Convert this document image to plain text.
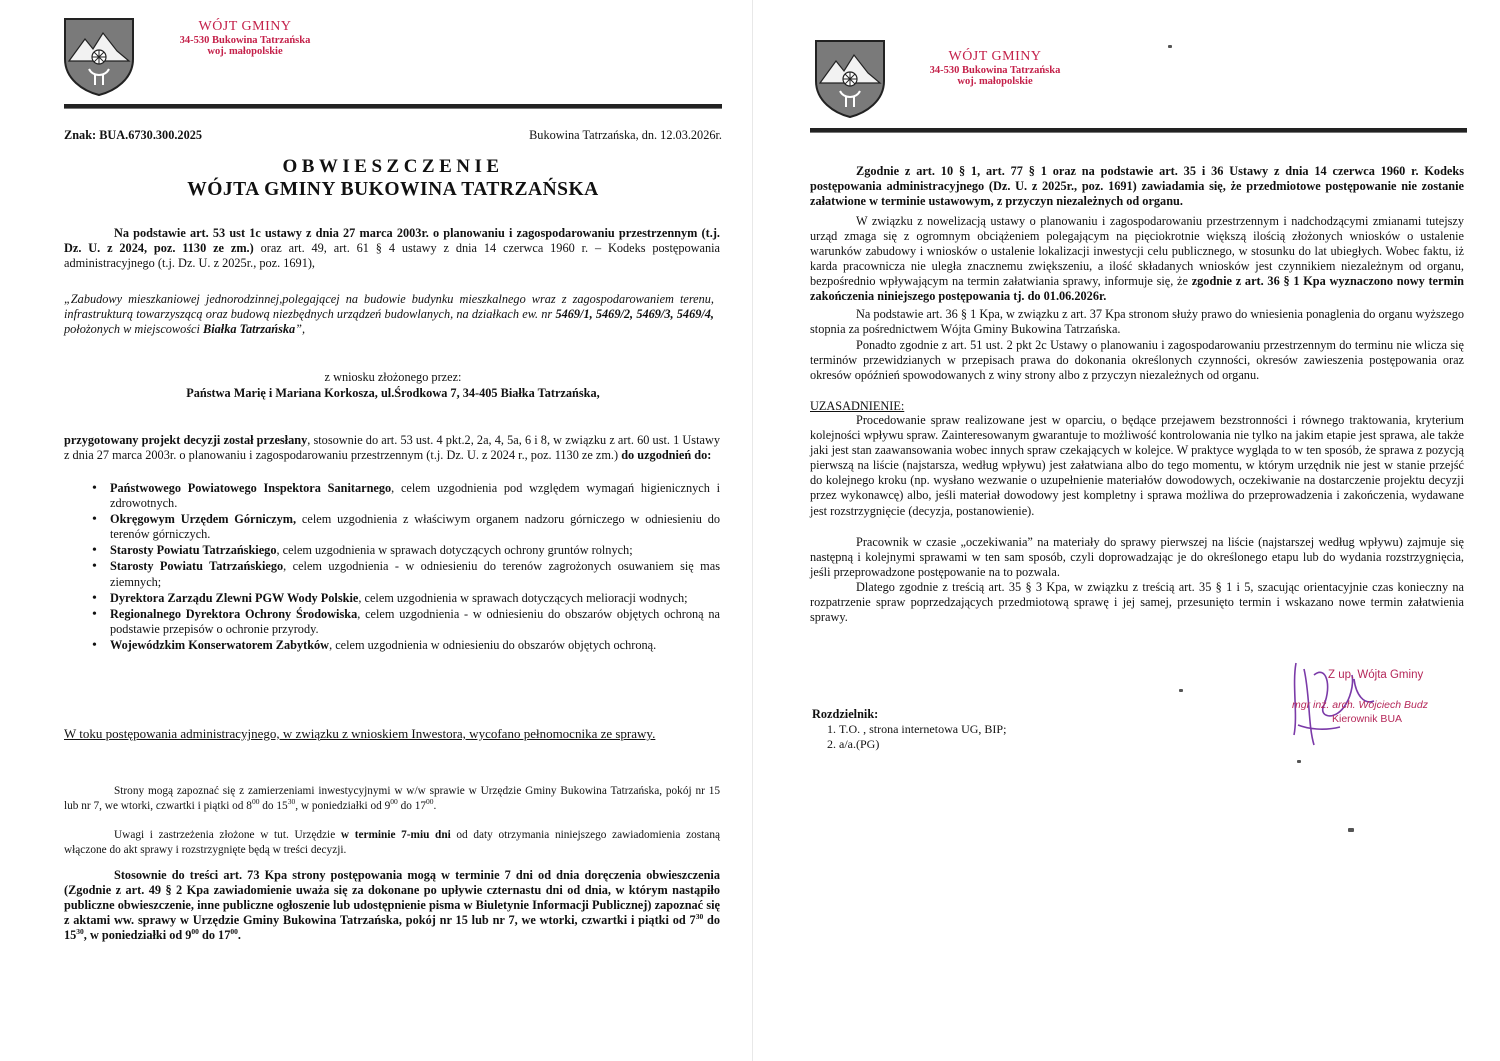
WÓJT GMINY
34-530 Bukowina Tatrzańska
woj. małopolskie
Znak: BUA.6730.300.2025	Bukowina Tatrzańska, dn. 12.03.2026r.
OBWIESZCZENIE
WÓJTA GMINY BUKOWINA TATRZAŃSKA
Na podstawie art. 53 ust 1c ustawy z dnia 27 marca 2003r. o planowaniu i zagospodarowaniu przestrzennym (t.j. Dz. U. z 2024, poz. 1130 ze zm.) oraz art. 49, art. 61 § 4 ustawy z dnia 14 czerwca 1960 r. – Kodeks postępowania administracyjnego (t.j. Dz. U. z 2025r., poz. 1691),
„Zabudowy mieszkaniowej jednorodzinnej,polegającej na budowie budynku mieszkalnego wraz z zagospodarowaniem terenu, infrastrukturą towarzyszącą oraz budową niezbędnych urządzeń budowlanych, na działkach ew. nr 5469/1, 5469/2, 5469/3, 5469/4, położonych w miejscowości Białka Tatrzańska”,
z wniosku złożonego przez:
Państwa Marię i Mariana Korkosza, ul.Środkowa 7, 34-405 Białka Tatrzańska,
przygotowany projekt decyzji został przesłany, stosownie do art. 53 ust. 4 pkt.2, 2a, 4, 5a, 6 i 8, w związku z art. 60 ust. 1 Ustawy z dnia 27 marca 2003r. o planowaniu i zagospodarowaniu przestrzennym (t.j. Dz. U. z 2024 r., poz. 1130 ze zm.) do uzgodnień do:
• Państwowego Powiatowego Inspektora Sanitarnego, celem uzgodnienia pod względem wymagań higienicznych i zdrowotnych.
• Okręgowym Urzędem Górniczym, celem uzgodnienia z właściwym organem nadzoru górniczego w odniesieniu do terenów górniczych.
• Starosty Powiatu Tatrzańskiego, celem uzgodnienia w sprawach dotyczących ochrony gruntów rolnych;
• Starosty Powiatu Tatrzańskiego, celem uzgodnienia - w odniesieniu do terenów zagrożonych osuwaniem się mas ziemnych;
• Dyrektora Zarządu Zlewni PGW Wody Polskie, celem uzgodnienia w sprawach dotyczących melioracji wodnych;
• Regionalnego Dyrektora Ochrony Środowiska, celem uzgodnienia - w odniesieniu do obszarów objętych ochroną na podstawie przepisów o ochronie przyrody.
• Wojewódzkim Konserwatorem Zabytków, celem uzgodnienia w odniesieniu do obszarów objętych ochroną.
W toku postępowania administracyjnego, w związku z wnioskiem Inwestora, wycofano pełnomocnika ze sprawy.
Strony mogą zapoznać się z zamierzeniami inwestycyjnymi w w/w sprawie w Urzędzie Gminy Bukowina Tatrzańska, pokój nr 15 lub nr 7, we wtorki, czwartki i piątki od $8^{00}$ do $15^{30}$, w poniedziałki od $9^{00}$ do $17^{00}$.
Uwagi i zastrzeżenia złożone w tut. Urzędzie w terminie 7-miu dni od daty otrzymania niniejszego zawiadomienia zostaną włączone do akt sprawy i rozstrzygnięte będą w treści decyzji.
Stosownie do treści art. 73 Kpa strony postępowania mogą w terminie 7 dni od dnia doręczenia obwieszczenia (Zgodnie z art. 49 § 2 Kpa zawiadomienie uważa się za dokonane po upływie czternastu dni od dnia, w którym nastąpiło publiczne obwieszczenie, inne publiczne ogłoszenie lub udostępnienie pisma w Biuletynie Informacji Publicznej) zapoznać się z aktami ww. sprawy w Urzędzie Gminy Bukowina Tatrzańska, pokój nr 15 lub nr 7, we wtorki, czwartki i piątki od $7^{30}$ do $15^{30}$, w poniedziałki od $9^{00}$ do $17^{00}$.
WÓJT GMINY
34-530 Bukowina Tatrzańska
woj. małopolskie
Zgodnie z art. 10 § 1, art. 77 § 1 oraz na podstawie art. 35 i 36 Ustawy z dnia 14 czerwca 1960 r. Kodeks postępowania administracyjnego (Dz. U. z 2025r., poz. 1691) zawiadamia się, że przedmiotowe postępowanie nie zostanie załatwione w terminie ustawowym, z przyczyn niezależnych od organu.
W związku z nowelizacją ustawy o planowaniu i zagospodarowaniu przestrzennym i nadchodzącymi zmianami tutejszy urząd zmaga się z ogromnym obciążeniem polegającym na pięciokrotnie większą ilością złożonych wniosków o ustalenie warunków zabudowy i wniosków o ustalenie lokalizacji inwestycji celu publicznego, w stosunku do lat ubiegłych. Wobec faktu, iż karda pracownicza nie uległa znacznemu zwiększeniu, a ilość składanych wniosków jest czynnikiem niezależnym od organu, bezpośrednio wpływającym na termin załatwiania sprawy, informuje się, że zgodnie z art. 36 § 1 Kpa wyznaczono nowy termin zakończenia niniejszego postępowania tj. do 01.06.2026r.
Na podstawie art. 36 § 1 Kpa, w związku z art. 37 Kpa stronom służy prawo do wniesienia ponaglenia do organu wyższego stopnia za pośrednictwem Wójta Gminy Bukowina Tatrzańska.
Ponadto zgodnie z art. 51 ust. 2 pkt 2c Ustawy o planowaniu i zagospodarowaniu przestrzennym do terminu nie wlicza się terminów przewidzianych w przepisach prawa do dokonania określonych czynności, okresów zawieszenia postępowania oraz okresów opóźnień spowodowanych z winy strony albo z przyczyn niezależnych od organu.
UZASADNIENIE:
Procedowanie spraw realizowane jest w oparciu, o będące przejawem bezstronności i równego traktowania, kryterium kolejności wpływu spraw. Zainteresowanym gwarantuje to możliwość kontrolowania nie tylko na jakim etapie jest sprawa, ale także jaki jest stan zaawansowania wobec innych spraw czekających w kolejce. W praktyce wygląda to w ten sposób, że sprawa z pozycją pierwszą na liście (najstarsza, według wpływu) jest załatwiana albo do tego momentu, w którym urzędnik nie jest w stanie przejść do kolejnego kroku (np. wysłano wezwanie o uzupełnienie materiałów dowodowych, oczekiwanie na dostarczenie projektu decyzji przez wykonawcę) albo, jeśli materiał dowodowy jest kompletny i sprawa możliwa do przeprowadzenia i zakończenia, wydawane jest rozstrzygnięcie (decyzja, postanowienie).
Pracownik w czasie „oczekiwania” na materiały do sprawy pierwszej na liście (najstarszej według wpływu) zajmuje się następną i kolejnymi sprawami w ten sam sposób, czyli doprowadzając je do określonego etapu lub do wydania rozstrzygnięcia, jeśli przeprowadzone postępowanie na to pozwala.
Dlatego zgodnie z treścią art. 35 § 3 Kpa, w związku z treścią art. 35 § 1 i 5, szacując orientacyjnie czas konieczny na rozpatrzenie spraw poprzedzających przedmiotową sprawę i jej samej, przesunięto termin i wskazano nowe termin załatwienia sprawy.
Z up. Wójta Gminy
mgr inż. arch. Wojciech Budz
Kierownik BUA
Rozdzielnik:
1. T.O. , strona internetowa UG, BIP;
2. a/a.(PG)
